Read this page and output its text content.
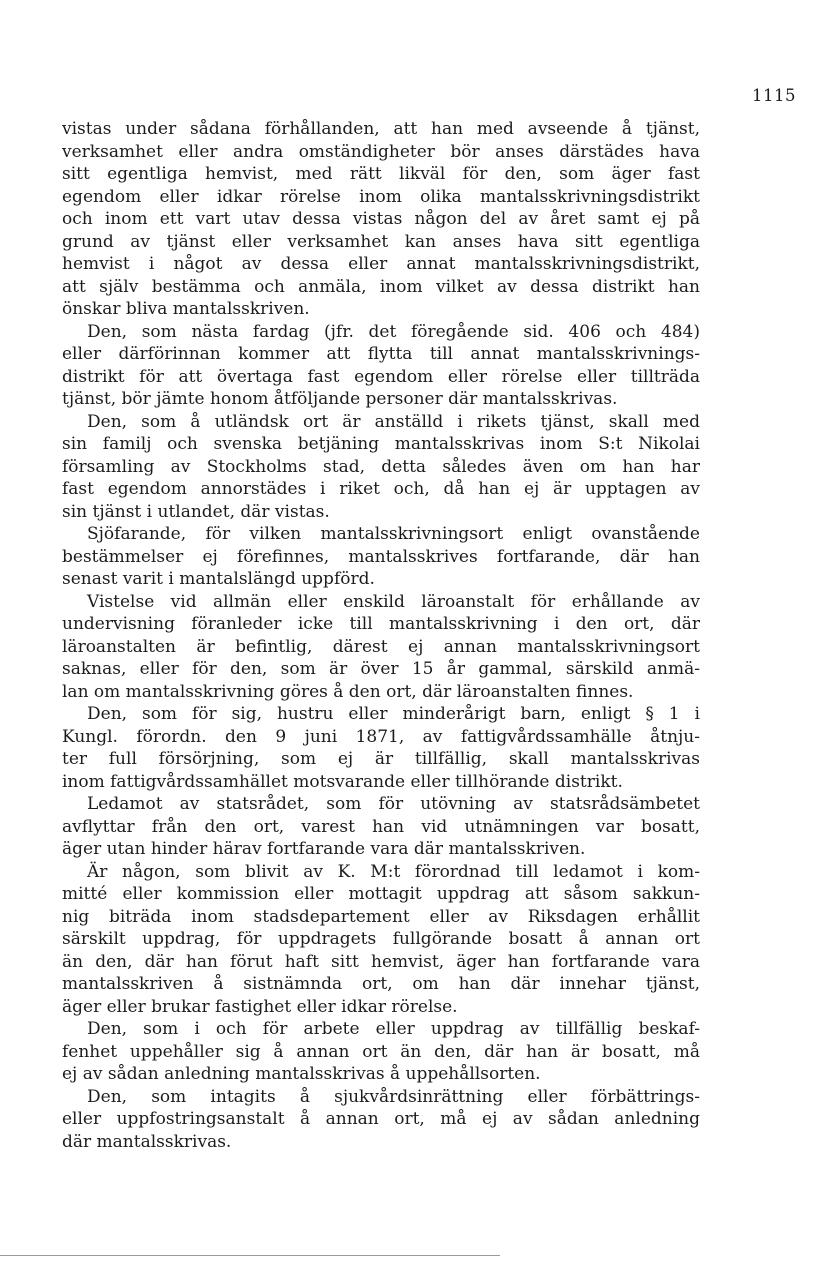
1115
vistas under sådana förhållanden, att han med avseende å tjänst,
verksamhet eller andra omständigheter bör anses därstädes hava
sitt egentliga hemvist, med rätt likväl för den, som äger fast
egendom eller idkar rörelse inom olika mantalsskrivningsdistrikt
och inom ett vart utav dessa vistas någon del av året samt ej på
grund av tjänst eller verksamhet kan anses hava sitt egentliga
hemvist i något av dessa eller annat mantalsskrivningsdistrikt,
att själv bestämma och anmäla, inom vilket av dessa distrikt han
önskar bliva mantalsskriven.
Den, som nästa fardag (jfr. det föregående sid. 406 och 484)
eller därförinnan kommer att flytta till annat mantalsskrivnings-
distrikt för att övertaga fast egendom eller rörelse eller tillträda
tjänst, bör jämte honom åtföljande personer där mantalsskrivas.
Den, som å utländsk ort är anställd i rikets tjänst, skall med
sin familj och svenska betjäning mantalsskrivas inom S:t Nikolai
församling av Stockholms stad, detta således även om han har
fast egendom annorstädes i riket och, då han ej är upptagen av
sin tjänst i utlandet, där vistas.
Sjöfarande, för vilken mantalsskrivningsort enligt ovanstående
bestämmelser ej förefinnes, mantalsskrives fortfarande, där han
senast varit i mantalslängd uppförd.
Vistelse vid allmän eller enskild läroanstalt för erhållande av
undervisning föranleder icke till mantalsskrivning i den ort, där
läroanstalten är befintlig, därest ej annan mantalsskrivningsort
saknas, eller för den, som är över 15 år gammal, särskild anmä-
lan om mantalsskrivning göres å den ort, där läroanstalten finnes.
Den, som för sig, hustru eller minderårigt barn, enligt § 1 i
Kungl. förordn. den 9 juni 1871, av fattigvårdssamhälle åtnju-
ter full försörjning, som ej är tillfällig, skall mantalsskrivas
inom fattigvårdssamhället motsvarande eller tillhörande distrikt.
Ledamot av statsrådet, som för utövning av statsrådsämbetet
avflyttar från den ort, varest han vid utnämningen var bosatt,
äger utan hinder härav fortfarande vara där mantalsskriven.
Är någon, som blivit av K. M:t förordnad till ledamot i kom-
mitté eller kommission eller mottagit uppdrag att såsom sakkun-
nig biträda inom stadsdepartement eller av Riksdagen erhållit
särskilt uppdrag, för uppdragets fullgörande bosatt å annan ort
än den, där han förut haft sitt hemvist, äger han fortfarande vara
mantalsskriven å sistnämnda ort, om han där innehar tjänst,
äger eller brukar fastighet eller idkar rörelse.
Den, som i och för arbete eller uppdrag av tillfällig beskaf-
fenhet uppehåller sig å annan ort än den, där han är bosatt, må
ej av sådan anledning mantalsskrivas å uppehållsorten.
Den, som intagits å sjukvårdsinrättning eller förbättrings-
eller uppfostringsanstalt å annan ort, må ej av sådan anledning
där mantalsskrivas.
